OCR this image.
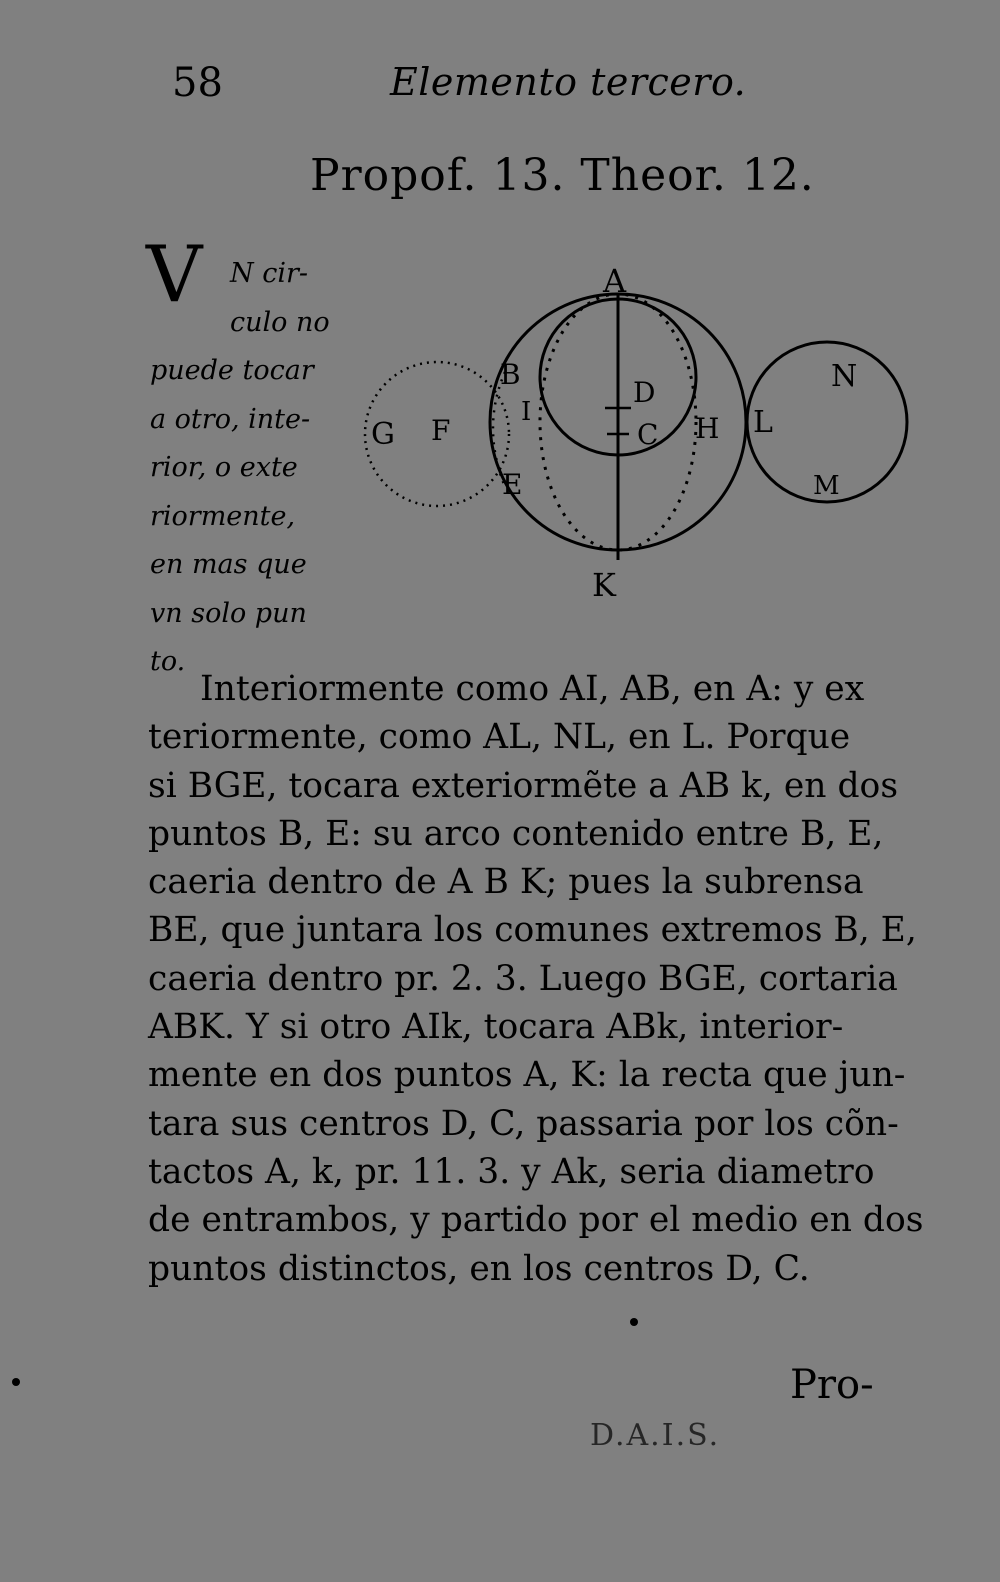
58	Elemento tercero.
Propof. 13. Theor. 12.
V	N cir-
culo no
puede tocar
a otro, inte-
rior, o exte
riormente,
en mas que
vn solo pun
to.
A
B
D
I
C H L
N
M
G F
E
K
Interiormente como AI, AB, en A: y ex
teriormente, como AL, NL, en L. Porque
si BGE, tocara exteriormẽte a AB k, en dos
puntos B, E: su arco contenido entre B, E,
caeria dentro de A B K; pues la subrensa
BE, que juntara los comunes extremos B, E,
caeria dentro pr. 2. 3. Luego BGE, cortaria
ABK. Y si otro AIk, tocara ABk, interior-
mente en dos puntos A, K: la recta que jun-
tara sus centros D, C, passaria por los cõn-
tactos A, k, pr. 11. 3. y Ak, seria diametro
de entrambos, y partido por el medio en dos
puntos distinctos, en los centros D, C.
Pro-
D.A.I.S.
